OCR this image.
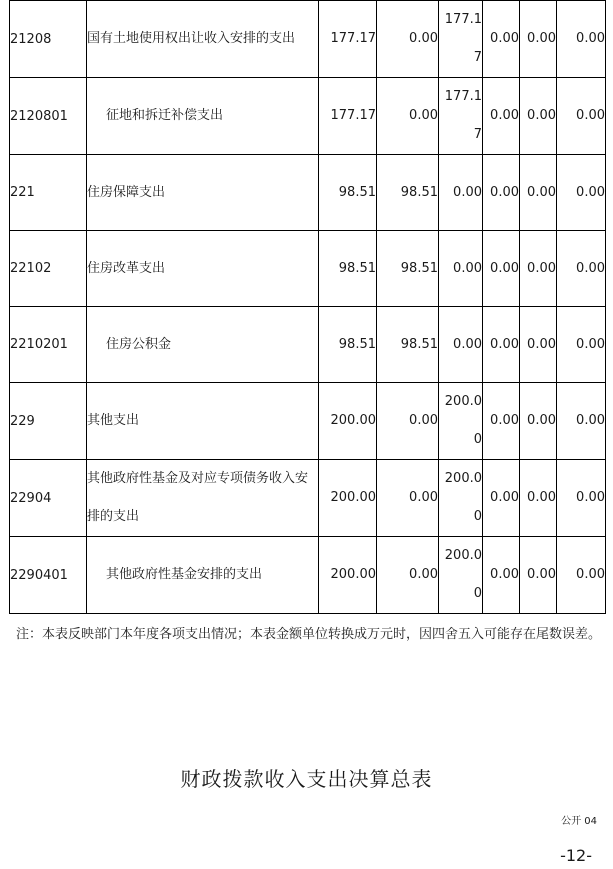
21208	国有土地使用权出让收入安排的支出	177.17	0.00	177.17	0.00	0.00	0.00

2120801	征地和拆迁补偿支出	177.17	0.00	177.17	0.00	0.00	0.00

221	住房保障支出	98.51	98.51	0.00	0.00	0.00	0.00

22102	住房改革支出	98.51	98.51	0.00	0.00	0.00	0.00

2210201	住房公积金	98.51	98.51	0.00	0.00	0.00	0.00

229	其他支出	200.00	0.00	200.00	0.00	0.00	0.00

22904	其他政府性基金及对应专项债务收入安排的支出	200.00	0.00	200.00	0.00	0.00	0.00

2290401	其他政府性基金安排的支出	200.00	0.00	200.00	0.00	0.00	0.00
注：本表反映部门本年度各项支出情况；本表金额单位转换成万元时，因四舍五入可能存在尾数误差。
财政拨款收入支出决算总表
公开 04
-12-
